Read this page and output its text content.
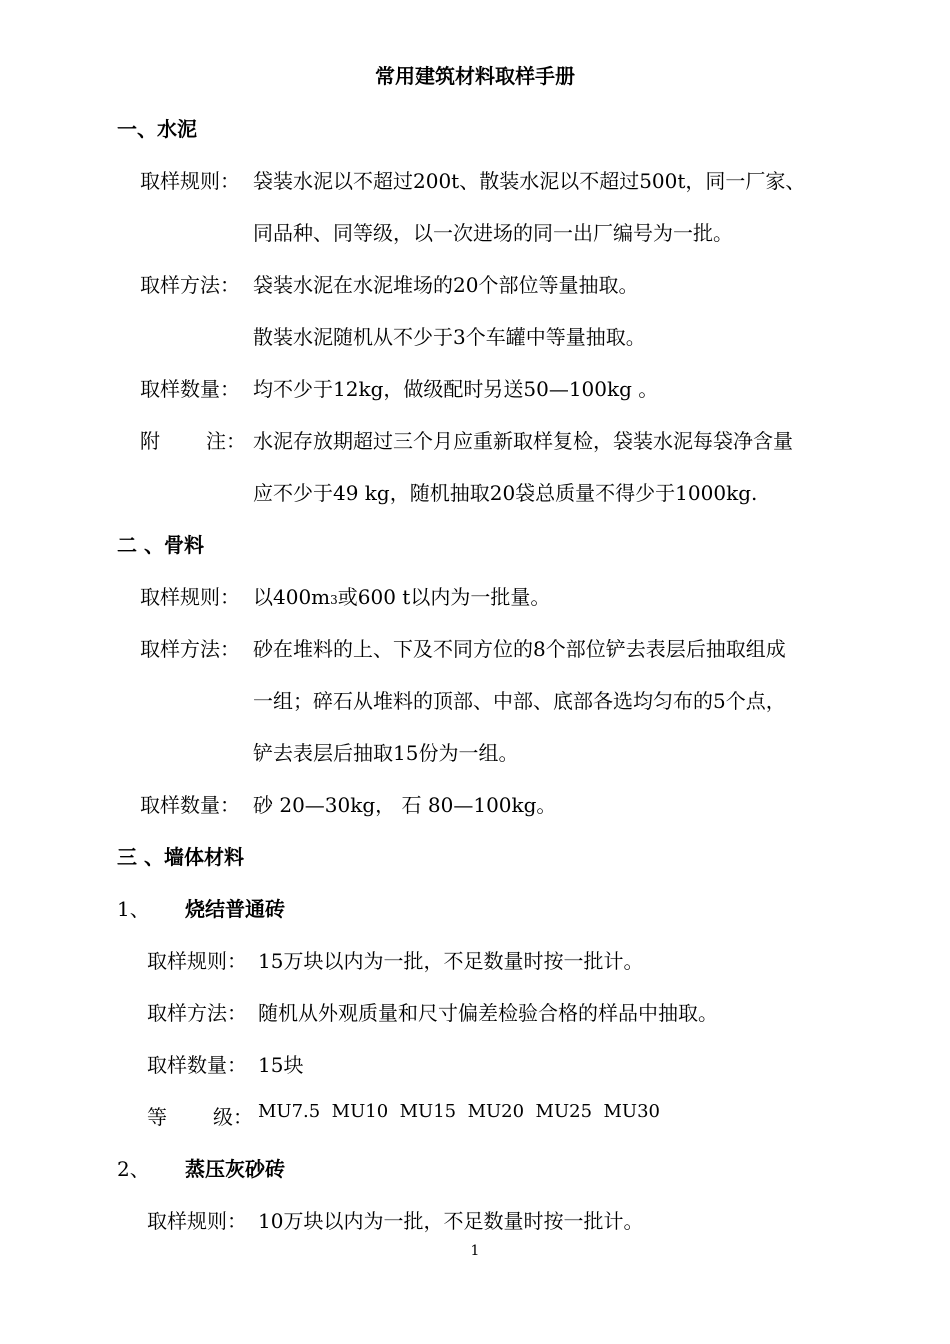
常用建筑材料取样手册
一、水泥
取样规则： 袋装水泥以不超过200t、散装水泥以不超过500t，同一厂家、
同品种、同等级，以一次进场的同一出厂编号为一批。
取样方法： 袋装水泥在水泥堆场的20个部位等量抽取。
散装水泥随机从不少于3个车罐中等量抽取。
取样数量： 均不少于12kg，做级配时另送50—100kg 。
附 注： 水泥存放期超过三个月应重新取样复检，袋装水泥每袋净含量
应不少于49 kg，随机抽取20袋总质量不得少于1000kg.
二 、骨料
取样规则： 以400m3或600 t以内为一批量。
取样方法： 砂在堆料的上、下及不同方位的8个部位铲去表层后抽取组成
一组；碎石从堆料的顶部、中部、底部各选均匀布的5个点，
铲去表层后抽取15份为一组。
取样数量： 砂 20—30kg， 石 80—100kg。
三 、墙体材料
1、 烧结普通砖
取样规则： 15万块以内为一批，不足数量时按一批计。
取样方法： 随机从外观质量和尺寸偏差检验合格的样品中抽取。
取样数量： 15块
等 级： MU7.5  MU10  MU15  MU20  MU25  MU30
2、 蒸压灰砂砖
取样规则： 10万块以内为一批，不足数量时按一批计。
1
